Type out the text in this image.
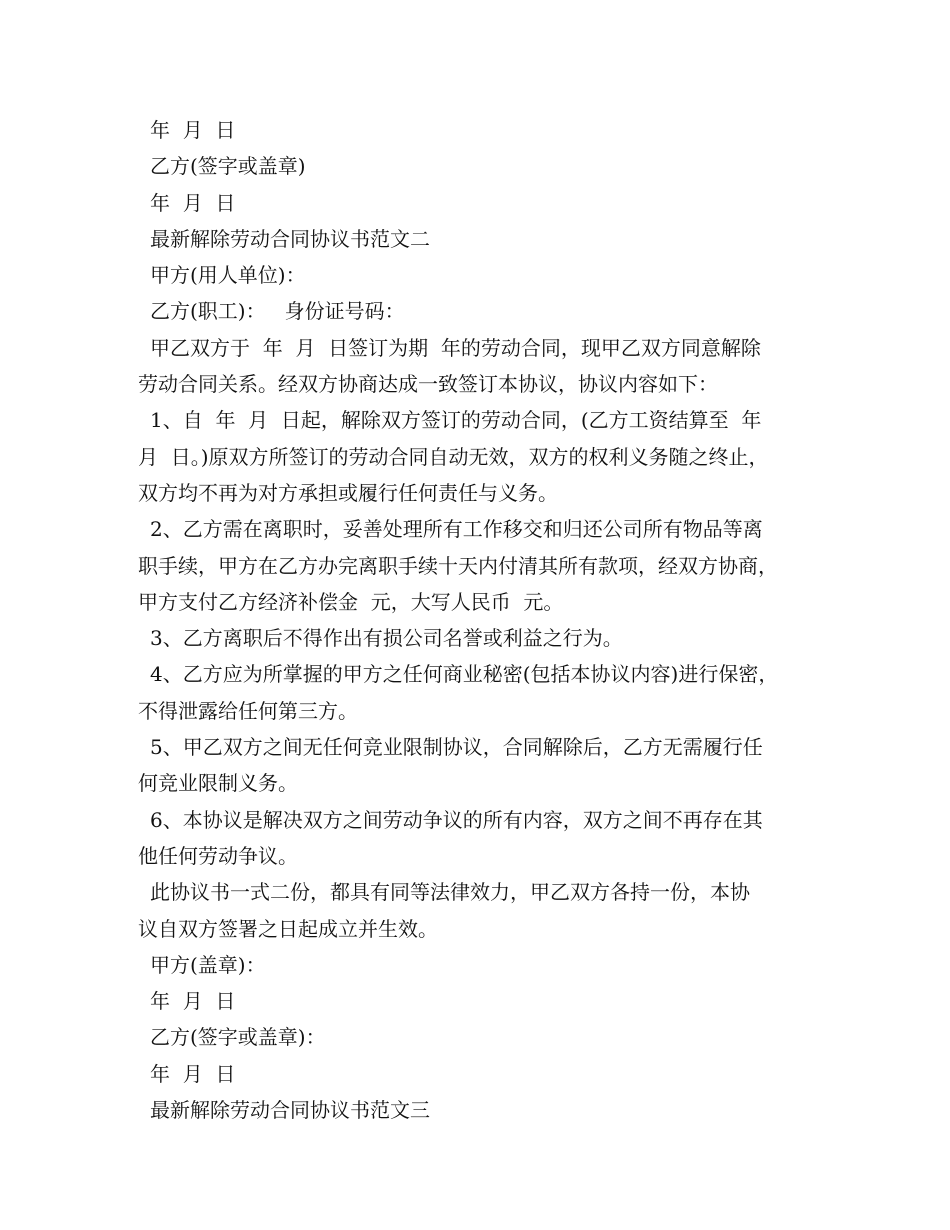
年  月  日

乙方(签字或盖章)

年  月  日

最新解除劳动合同协议书范文二

甲方(用人单位)：

乙方(职工)：   身份证号码：

甲乙双方于  年  月  日签订为期  年的劳动合同，现甲乙双方同意解除

劳动合同关系。经双方协商达成一致签订本协议，协议内容如下：

1、自  年  月  日起，解除双方签订的劳动合同，(乙方工资结算至  年

月  日。)原双方所签订的劳动合同自动无效，双方的权利义务随之终止，

双方均不再为对方承担或履行任何责任与义务。

2、乙方需在离职时，妥善处理所有工作移交和归还公司所有物品等离

职手续，甲方在乙方办完离职手续十天内付清其所有款项，经双方协商，

甲方支付乙方经济补偿金  元，大写人民币  元。

3、乙方离职后不得作出有损公司名誉或利益之行为。

4、乙方应为所掌握的甲方之任何商业秘密(包括本协议内容)进行保密，

不得泄露给任何第三方。

5、甲乙双方之间无任何竞业限制协议，合同解除后，乙方无需履行任

何竞业限制义务。

6、本协议是解决双方之间劳动争议的所有内容，双方之间不再存在其

他任何劳动争议。

此协议书一式二份，都具有同等法律效力，甲乙双方各持一份，本协

议自双方签署之日起成立并生效。

甲方(盖章)：

年  月  日

乙方(签字或盖章)：

年  月  日

最新解除劳动合同协议书范文三
